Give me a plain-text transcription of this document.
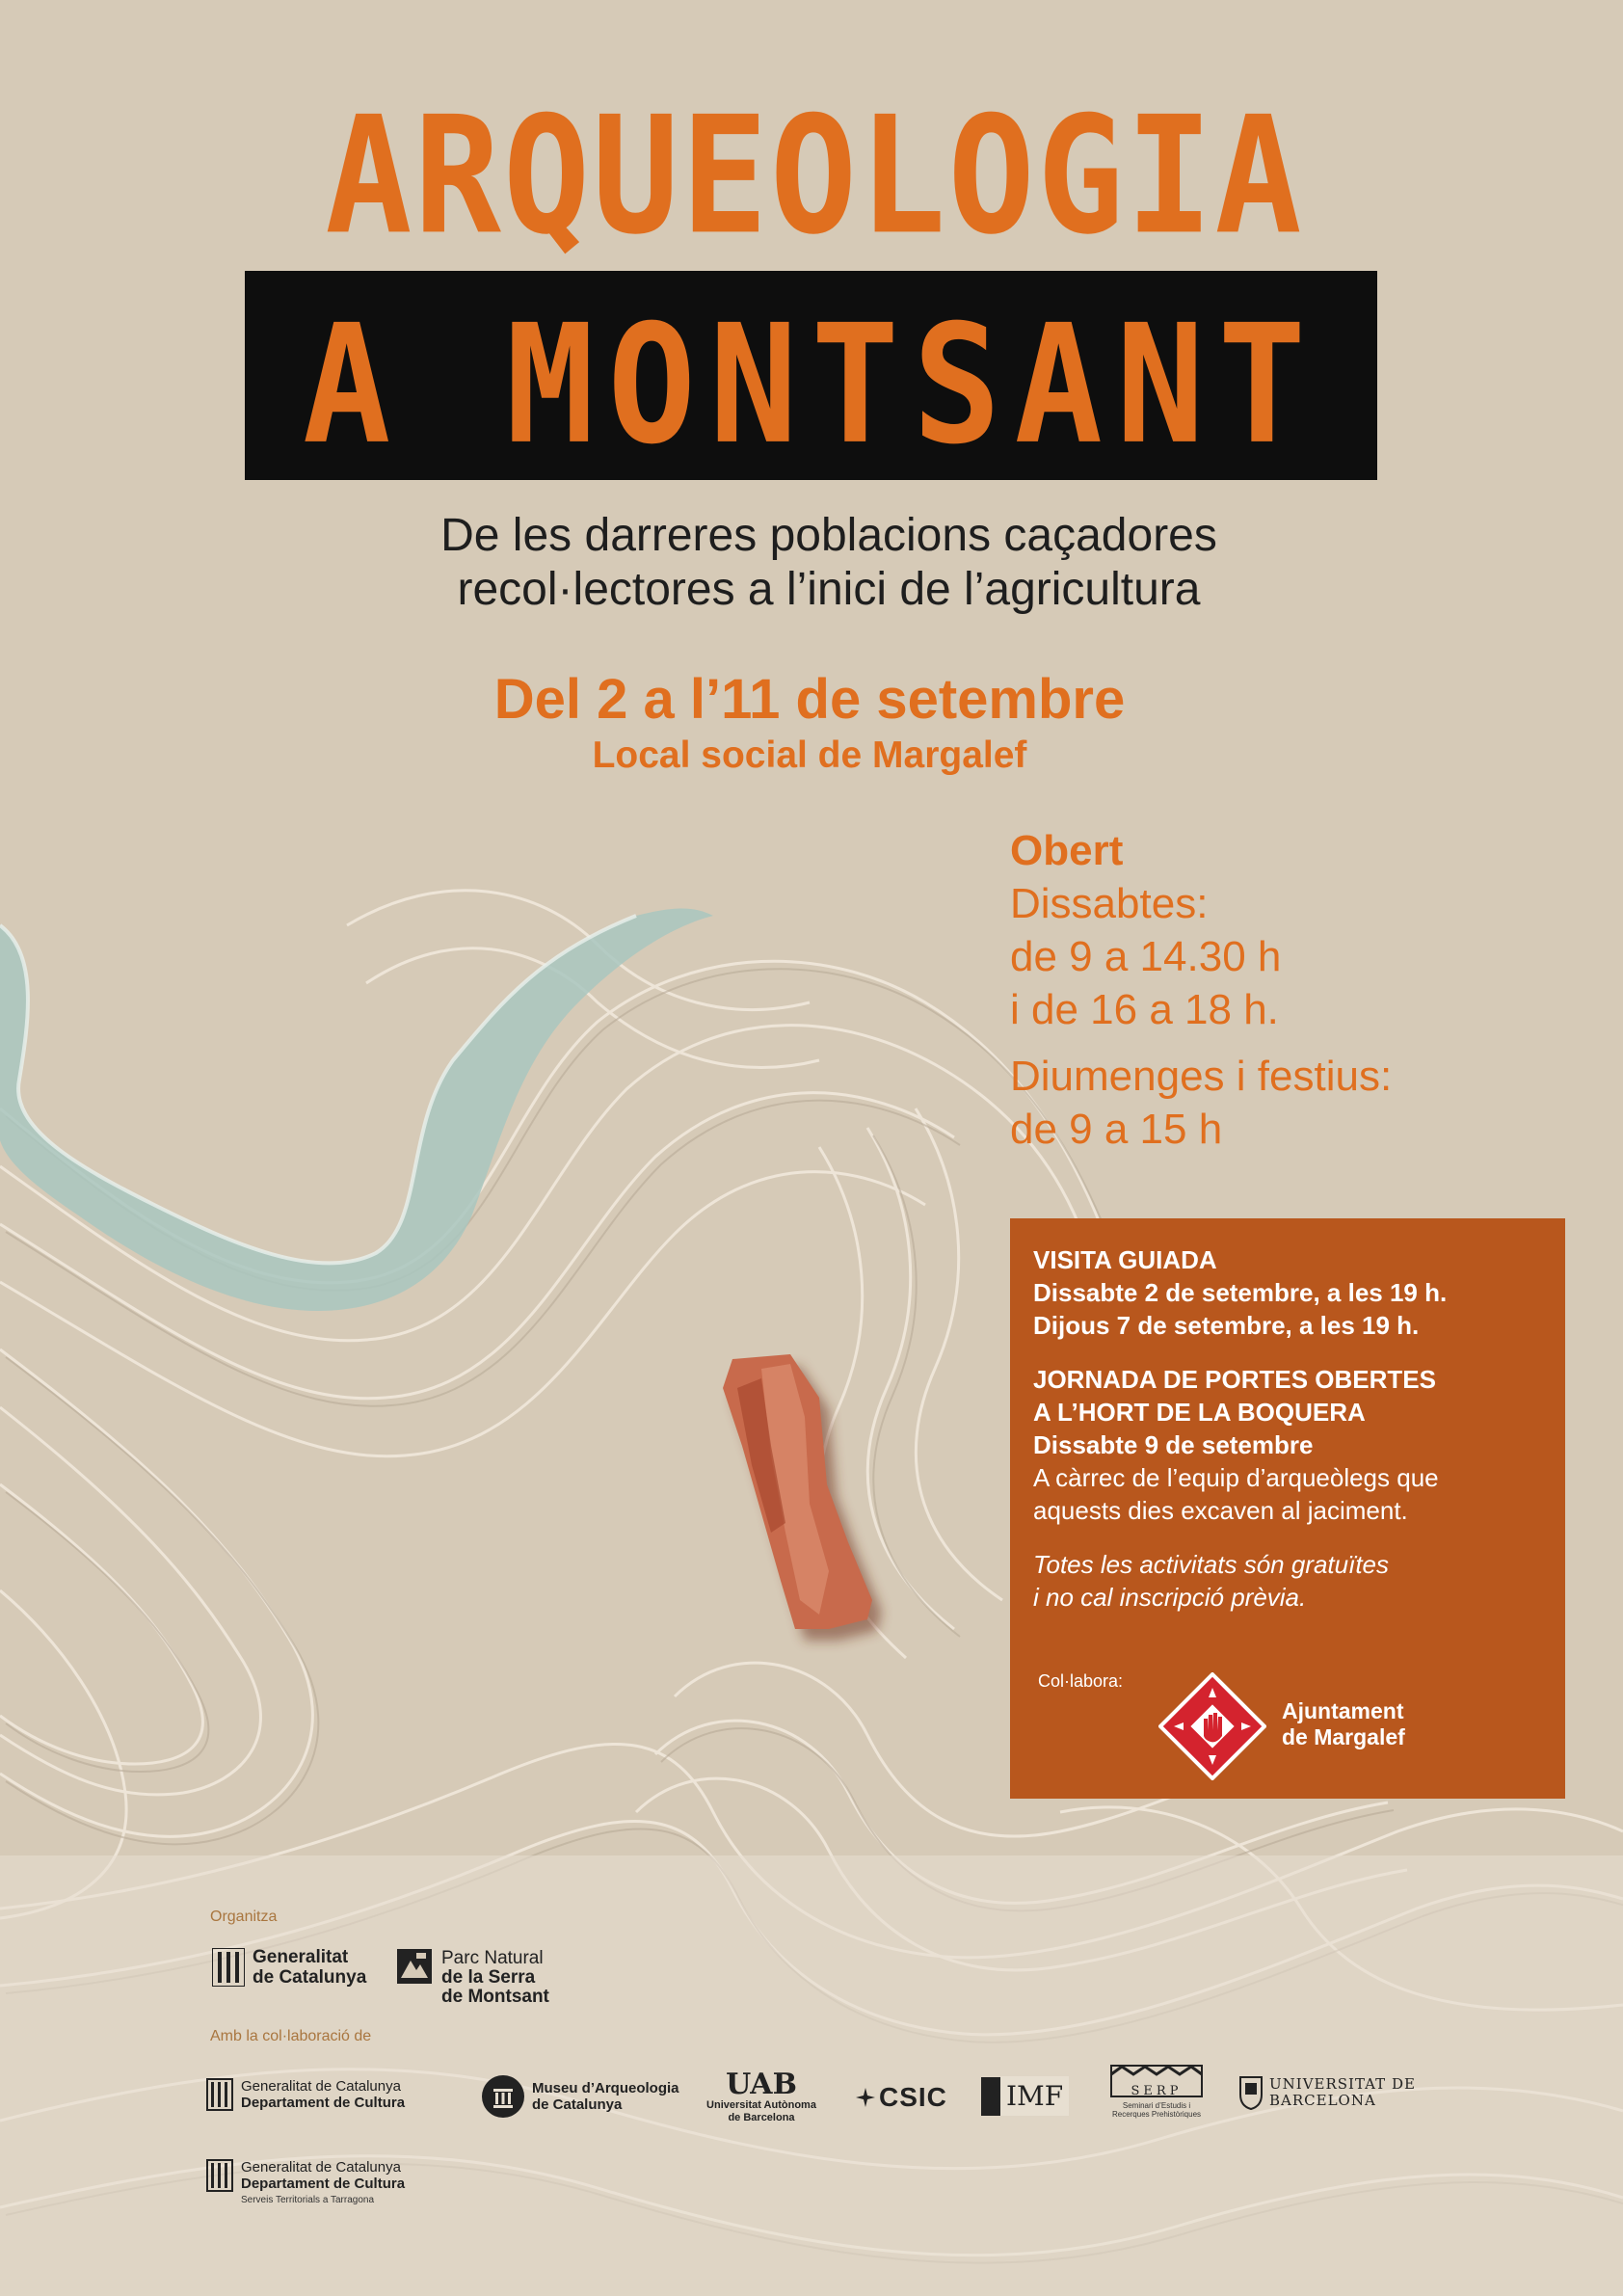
ARQUEOLOGIA
A MONTSANT
De les darreres poblacions caçadores
recol·lectores a l’inici de l’agricultura
Del 2 a l’11 de setembre
Local social de Margalef
Obert
Dissabtes:
de 9 a 14.30 h
i de 16 a 18 h.
Diumenges i festius:
de 9 a 15 h
VISITA GUIADA
Dissabte 2 de setembre, a les 19 h.
Dijous 7 de setembre, a les 19 h.
JORNADA DE PORTES OBERTES
A L’HORT DE LA BOQUERA
Dissabte 9 de setembre
A càrrec de l’equip d’arqueòlegs que
aquests dies excaven al jaciment.
Totes les activitats són gratuïtes
i no cal inscripció prèvia.
Col·labora:
Ajuntament
de Margalef
Organitza
Generalitat
de Catalunya
Parc Natural
de la Serra
de Montsant
Amb la col·laboració de
Generalitat de Catalunya
Departament de Cultura
Museu d’Arqueologia
de Catalunya
UAB
Universitat Autònoma
de Barcelona
CSIC IMF	SERP
Seminari d’Estudis i
Recerques Prehistòriques
UNIVERSITAT DE
BARCELONA
Generalitat de Catalunya
Departament de Cultura
Serveis Territorials a Tarragona
